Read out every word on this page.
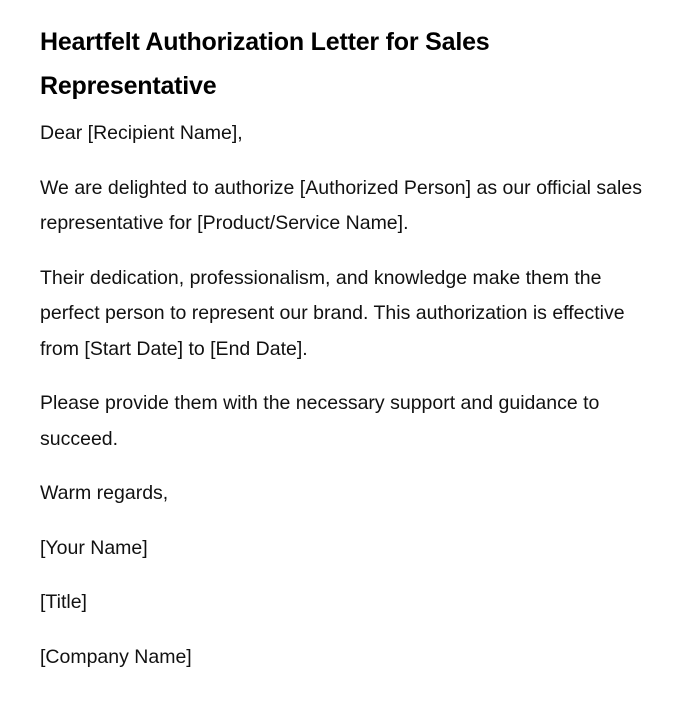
Heartfelt Authorization Letter for Sales Representative

Dear [Recipient Name],

We are delighted to authorize [Authorized Person] as our official sales representative for [Product/Service Name].

Their dedication, professionalism, and knowledge make them the perfect person to represent our brand. This authorization is effective from [Start Date] to [End Date].

Please provide them with the necessary support and guidance to succeed.

Warm regards,

[Your Name]

[Title]

[Company Name]
